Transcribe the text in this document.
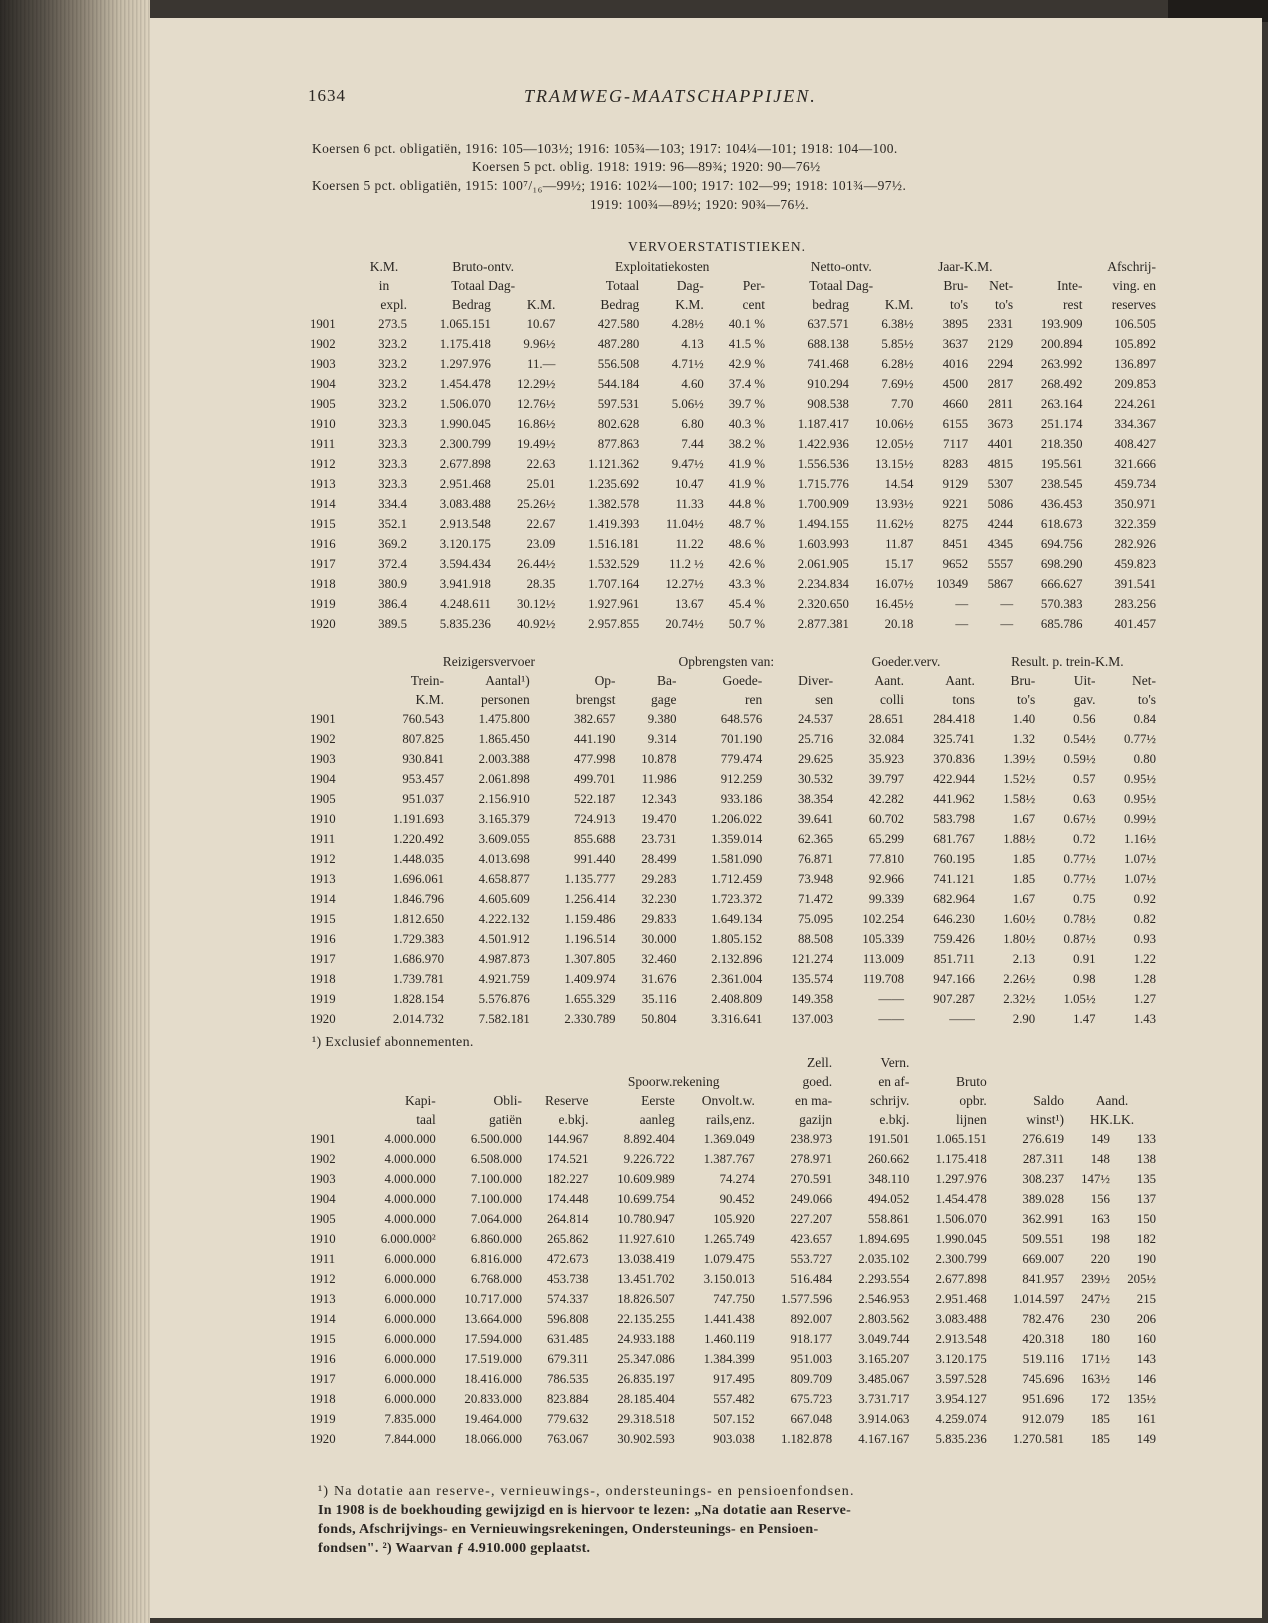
1634	TRAMWEG-MAATSCHAPPIJEN.
Koersen 6 pct. obligatiën, 1916: 105—103½; 1916: 105¾—103; 1917: 104¼—101; 1918: 104—100.
Koersen 5 pct. oblig. 1918: 1919: 96—89¾; 1920: 90—76½
Koersen 5 pct. obligatiën, 1915: 100⁷/₁₆—99½; 1916: 102¼—100; 1917: 102—99; 1918: 101¾—97½.
1919: 100¾—89½; 1920: 90¾—76½.
VERVOERSTATISTIEKEN.
	K.M.	Bruto-ontv.		Exploitatiekosten			Netto-ontv.		Jaar-K.M.		Afschrij-	
	in	Totaal Dag-		Totaal	Dag-	Per-	Totaal Dag-		Bru-	Net-	Inte-	ving. en
	expl.	Bedrag	K.M.	Bedrag	K.M.	cent	bedrag	K.M.	to's	to's	rest	reserves
1901	273.5	1.065.151	10.67	427.580	4.28½	40.1 %	637.571	6.38½	3895	2331	193.909	106.505
1902	323.2	1.175.418	9.96½	487.280	4.13	41.5 %	688.138	5.85½	3637	2129	200.894	105.892
1903	323.2	1.297.976	11.—	556.508	4.71½	42.9 %	741.468	6.28½	4016	2294	263.992	136.897
1904	323.2	1.454.478	12.29½	544.184	4.60	37.4 %	910.294	7.69½	4500	2817	268.492	209.853
1905	323.2	1.506.070	12.76½	597.531	5.06½	39.7 %	908.538	7.70	4660	2811	263.164	224.261
1910	323.3	1.990.045	16.86½	802.628	6.80	40.3 %	1.187.417	10.06½	6155	3673	251.174	334.367
1911	323.3	2.300.799	19.49½	877.863	7.44	38.2 %	1.422.936	12.05½	7117	4401	218.350	408.427
1912	323.3	2.677.898	22.63	1.121.362	9.47½	41.9 %	1.556.536	13.15½	8283	4815	195.561	321.666
1913	323.3	2.951.468	25.01	1.235.692	10.47	41.9 %	1.715.776	14.54	9129	5307	238.545	459.734
1914	334.4	3.083.488	25.26½	1.382.578	11.33	44.8 %	1.700.909	13.93½	9221	5086	436.453	350.971
1915	352.1	2.913.548	22.67	1.419.393	11.04½	48.7 %	1.494.155	11.62½	8275	4244	618.673	322.359
1916	369.2	3.120.175	23.09	1.516.181	11.22	48.6 %	1.603.993	11.87	8451	4345	694.756	282.926
1917	372.4	3.594.434	26.44½	1.532.529	11.2 ½	42.6 %	2.061.905	15.17	9652	5557	698.290	459.823
1918	380.9	3.941.918	28.35	1.707.164	12.27½	43.3 %	2.234.834	16.07½	10349	5867	666.627	391.541
1919	386.4	4.248.611	30.12½	1.927.961	13.67	45.4 %	2.320.650	16.45½	—	—	570.383	283.256
1920	389.5	5.835.236	40.92½	2.957.855	20.74½	50.7 %	2.877.381	20.18	—	—	685.786	401.457
	Reizigersvervoer			Opbrengsten van:			Goeder.verv.		Result. p. trein-K.M.		
	Trein-	Aantal¹)	Op-	Ba-	Goede-	Diver-	Aant.	Aant.	Bru-	Uit-	Net-
	K.M.	personen	brengst	gage	ren	sen	colli	tons	to's	gav.	to's
1901	760.543	1.475.800	382.657	9.380	648.576	24.537	28.651	284.418	1.40	0.56	0.84
1902	807.825	1.865.450	441.190	9.314	701.190	25.716	32.084	325.741	1.32	0.54½	0.77½
1903	930.841	2.003.388	477.998	10.878	779.474	29.625	35.923	370.836	1.39½	0.59½	0.80
1904	953.457	2.061.898	499.701	11.986	912.259	30.532	39.797	422.944	1.52½	0.57	0.95½
1905	951.037	2.156.910	522.187	12.343	933.186	38.354	42.282	441.962	1.58½	0.63	0.95½
1910	1.191.693	3.165.379	724.913	19.470	1.206.022	39.641	60.702	583.798	1.67	0.67½	0.99½
1911	1.220.492	3.609.055	855.688	23.731	1.359.014	62.365	65.299	681.767	1.88½	0.72	1.16½
1912	1.448.035	4.013.698	991.440	28.499	1.581.090	76.871	77.810	760.195	1.85	0.77½	1.07½
1913	1.696.061	4.658.877	1.135.777	29.283	1.712.459	73.948	92.966	741.121	1.85	0.77½	1.07½
1914	1.846.796	4.605.609	1.256.414	32.230	1.723.372	71.472	99.339	682.964	1.67	0.75	0.92
1915	1.812.650	4.222.132	1.159.486	29.833	1.649.134	75.095	102.254	646.230	1.60½	0.78½	0.82
1916	1.729.383	4.501.912	1.196.514	30.000	1.805.152	88.508	105.339	759.426	1.80½	0.87½	0.93
1917	1.686.970	4.987.873	1.307.805	32.460	2.132.896	121.274	113.009	851.711	2.13	0.91	1.22
1918	1.739.781	4.921.759	1.409.974	31.676	2.361.004	135.574	119.708	947.166	2.26½	0.98	1.28
1919	1.828.154	5.576.876	1.655.329	35.116	2.408.809	149.358	——	907.287	2.32½	1.05½	1.27
1920	2.014.732	7.582.181	2.330.789	50.804	3.316.641	137.003	——	——	2.90	1.47	1.43
¹) Exclusief abonnementen.
						Zell.	Vern.				
				Spoorw.rekening		goed.	en af-	Bruto			
	Kapi-	Obli-	Reserve	Eerste	Onvolt.w.	en ma-	schrijv.	opbr.	Saldo	Aand.	
	taal	gatiën	e.bkj.	aanleg	rails,enz.	gazijn	e.bkj.	lijnen	winst¹)	HK.LK.	
1901	4.000.000	6.500.000	144.967	8.892.404	1.369.049	238.973	191.501	1.065.151	276.619	149	133
1902	4.000.000	6.508.000	174.521	9.226.722	1.387.767	278.971	260.662	1.175.418	287.311	148	138
1903	4.000.000	7.100.000	182.227	10.609.989	74.274	270.591	348.110	1.297.976	308.237	147½	135
1904	4.000.000	7.100.000	174.448	10.699.754	90.452	249.066	494.052	1.454.478	389.028	156	137
1905	4.000.000	7.064.000	264.814	10.780.947	105.920	227.207	558.861	1.506.070	362.991	163	150
1910	6.000.000²	6.860.000	265.862	11.927.610	1.265.749	423.657	1.894.695	1.990.045	509.551	198	182
1911	6.000.000	6.816.000	472.673	13.038.419	1.079.475	553.727	2.035.102	2.300.799	669.007	220	190
1912	6.000.000	6.768.000	453.738	13.451.702	3.150.013	516.484	2.293.554	2.677.898	841.957	239½	205½
1913	6.000.000	10.717.000	574.337	18.826.507	747.750	1.577.596	2.546.953	2.951.468	1.014.597	247½	215
1914	6.000.000	13.664.000	596.808	22.135.255	1.441.438	892.007	2.803.562	3.083.488	782.476	230	206
1915	6.000.000	17.594.000	631.485	24.933.188	1.460.119	918.177	3.049.744	2.913.548	420.318	180	160
1916	6.000.000	17.519.000	679.311	25.347.086	1.384.399	951.003	3.165.207	3.120.175	519.116	171½	143
1917	6.000.000	18.416.000	786.535	26.835.197	917.495	809.709	3.485.067	3.597.528	745.696	163½	146
1918	6.000.000	20.833.000	823.884	28.185.404	557.482	675.723	3.731.717	3.954.127	951.696	172	135½
1919	7.835.000	19.464.000	779.632	29.318.518	507.152	667.048	3.914.063	4.259.074	912.079	185	161
1920	7.844.000	18.066.000	763.067	30.902.593	903.038	1.182.878	4.167.167	5.835.236	1.270.581	185	149
¹) Na dotatie aan reserve-, vernieuwings-, ondersteunings- en pensioenfondsen.
In 1908 is de boekhouding gewijzigd en is hiervoor te lezen: „Na dotatie aan Reserve-
fonds, Afschrijvings- en Vernieuwingsrekeningen, Ondersteunings- en Pensioen-
fondsen". ²) Waarvan ƒ 4.910.000 geplaatst.
